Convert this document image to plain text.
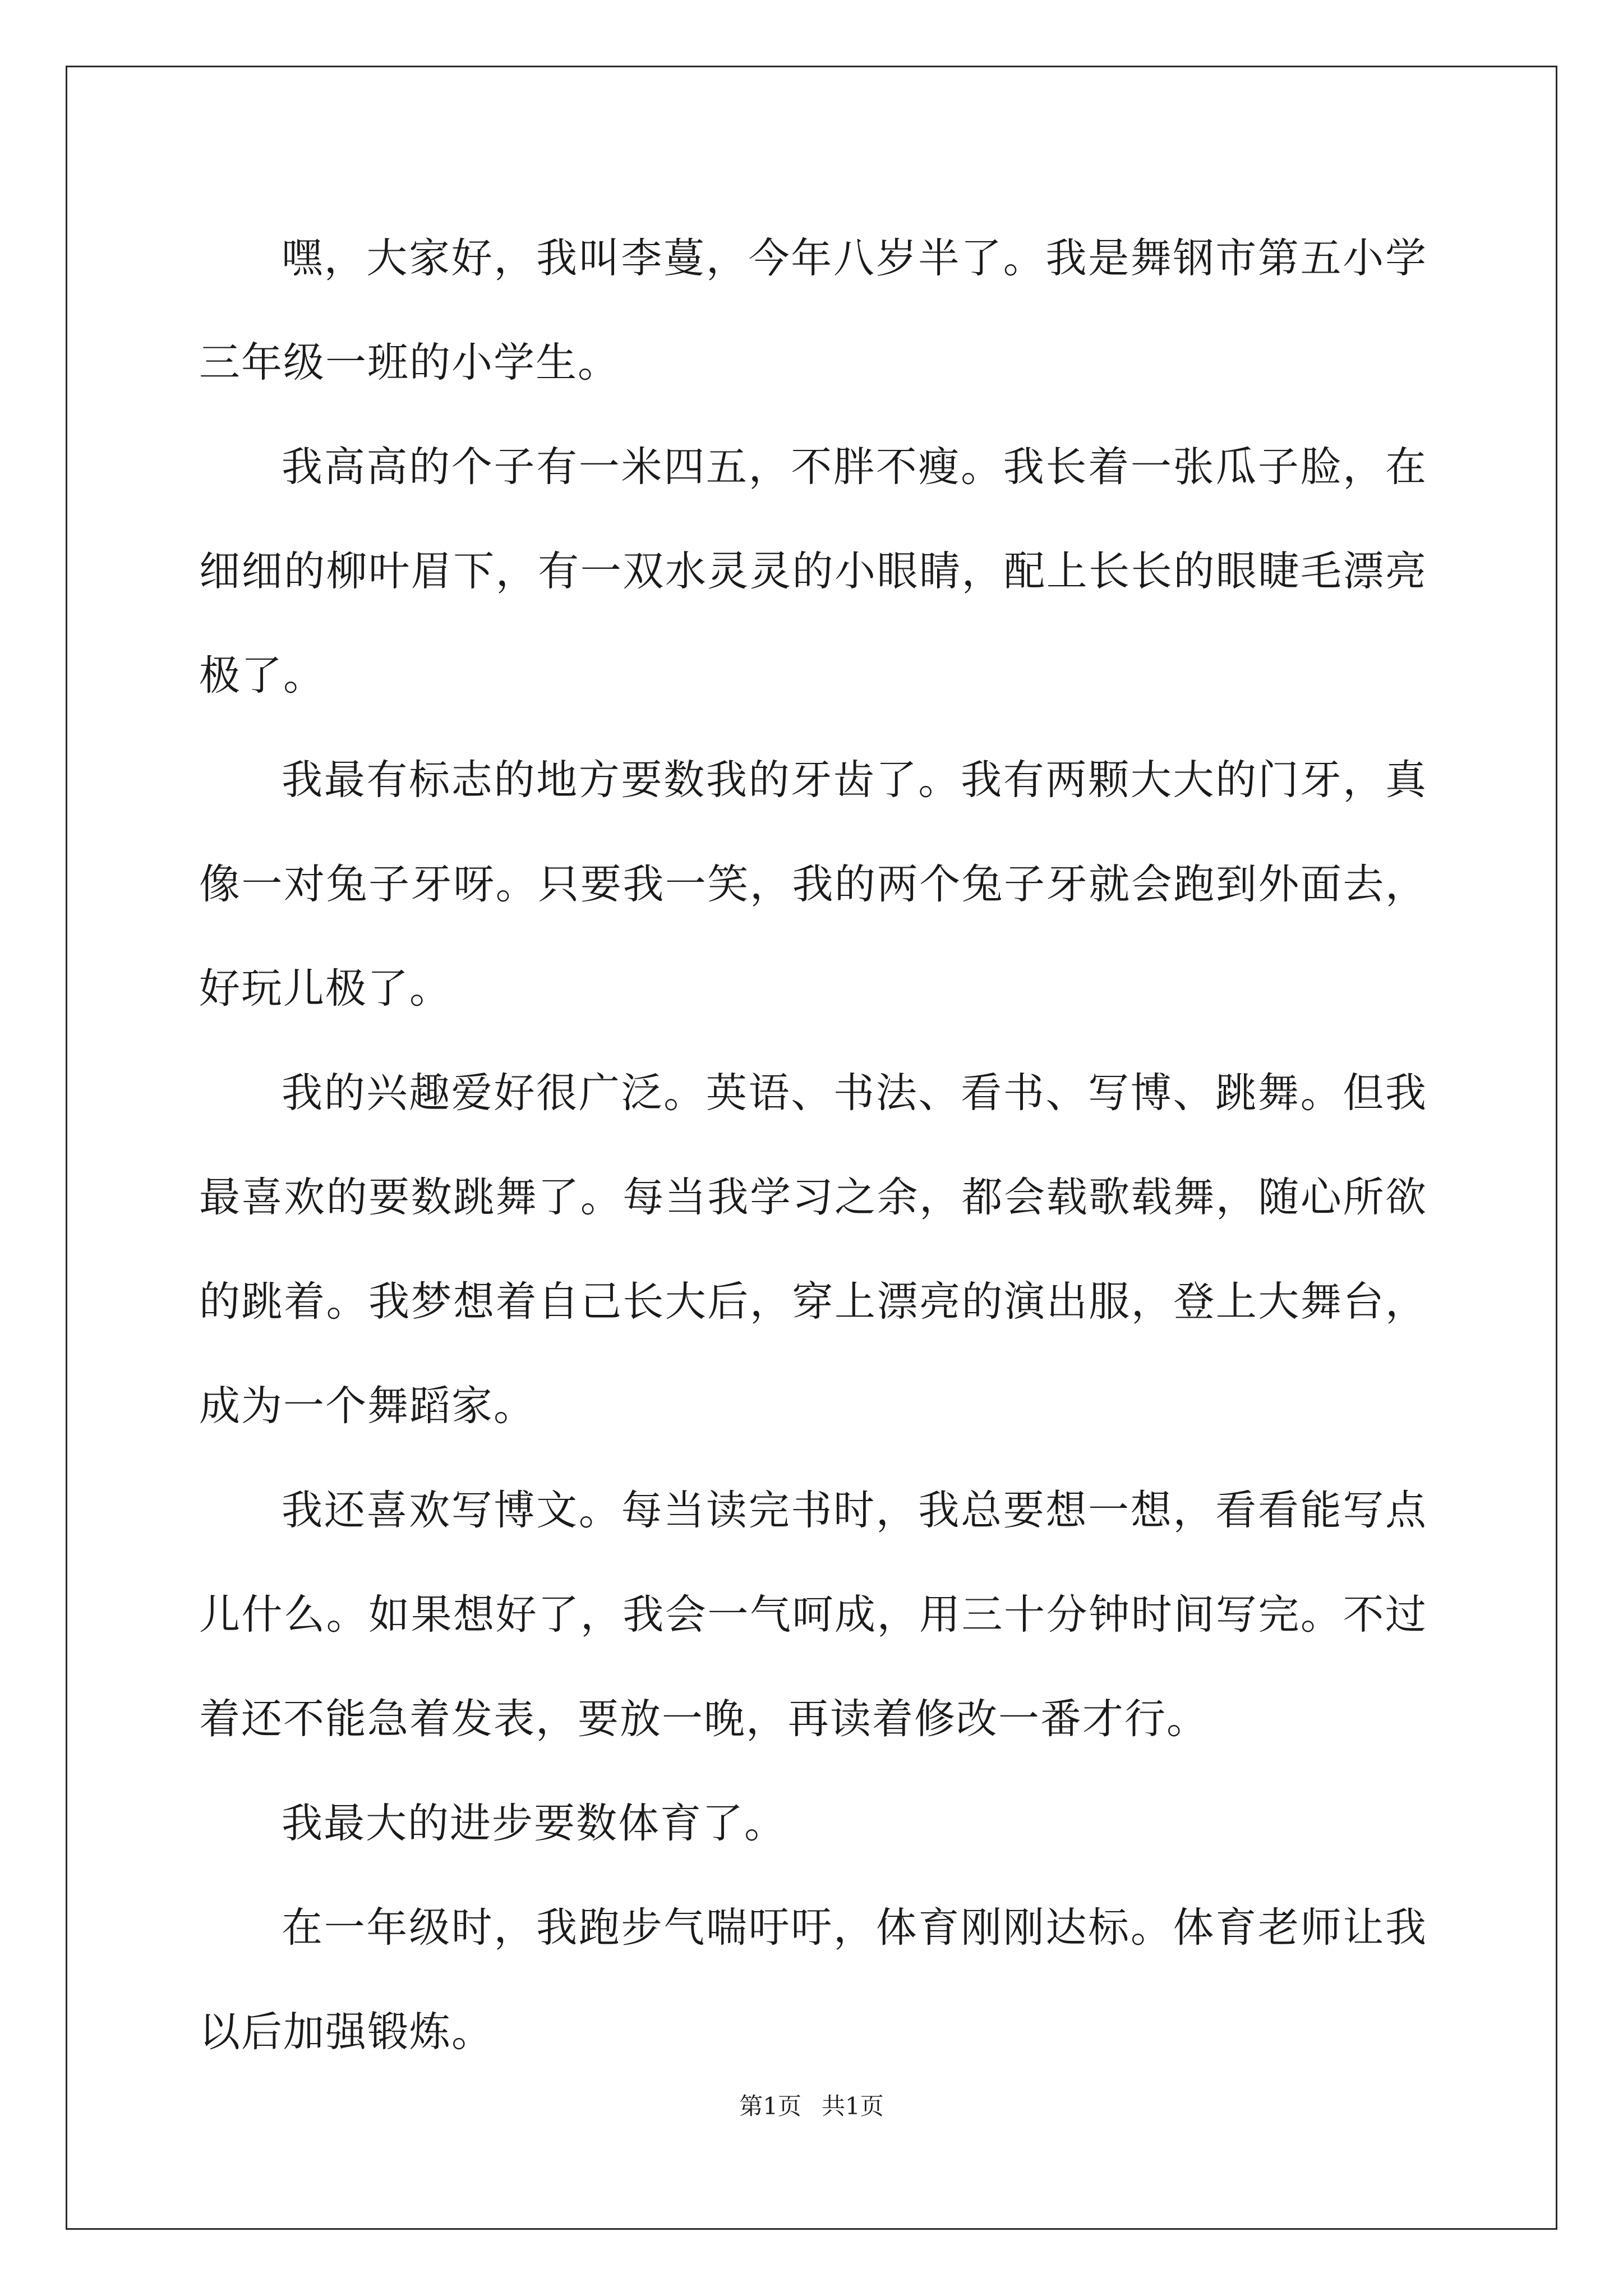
嘿，大家好，我叫李蔓，今年八岁半了。我是舞钢市第五小学三年级一班的小学生。

我高高的个子有一米四五，不胖不瘦。我长着一张瓜子脸，在细细的柳叶眉下，有一双水灵灵的小眼睛，配上长长的眼睫毛漂亮极了。

我最有标志的地方要数我的牙齿了。我有两颗大大的门牙，真像一对兔子牙呀。只要我一笑，我的两个兔子牙就会跑到外面去，好玩儿极了。

我的兴趣爱好很广泛。英语、书法、看书、写博、跳舞。但我最喜欢的要数跳舞了。每当我学习之余，都会载歌载舞，随心所欲的跳着。我梦想着自己长大后，穿上漂亮的演出服，登上大舞台，成为一个舞蹈家。

我还喜欢写博文。每当读完书时，我总要想一想，看看能写点儿什么。如果想好了，我会一气呵成，用三十分钟时间写完。不过着还不能急着发表，要放一晚，再读着修改一番才行。

我最大的进步要数体育了。

在一年级时，我跑步气喘吁吁，体育刚刚达标。体育老师让我以后加强锻炼。

第1页 共1页
